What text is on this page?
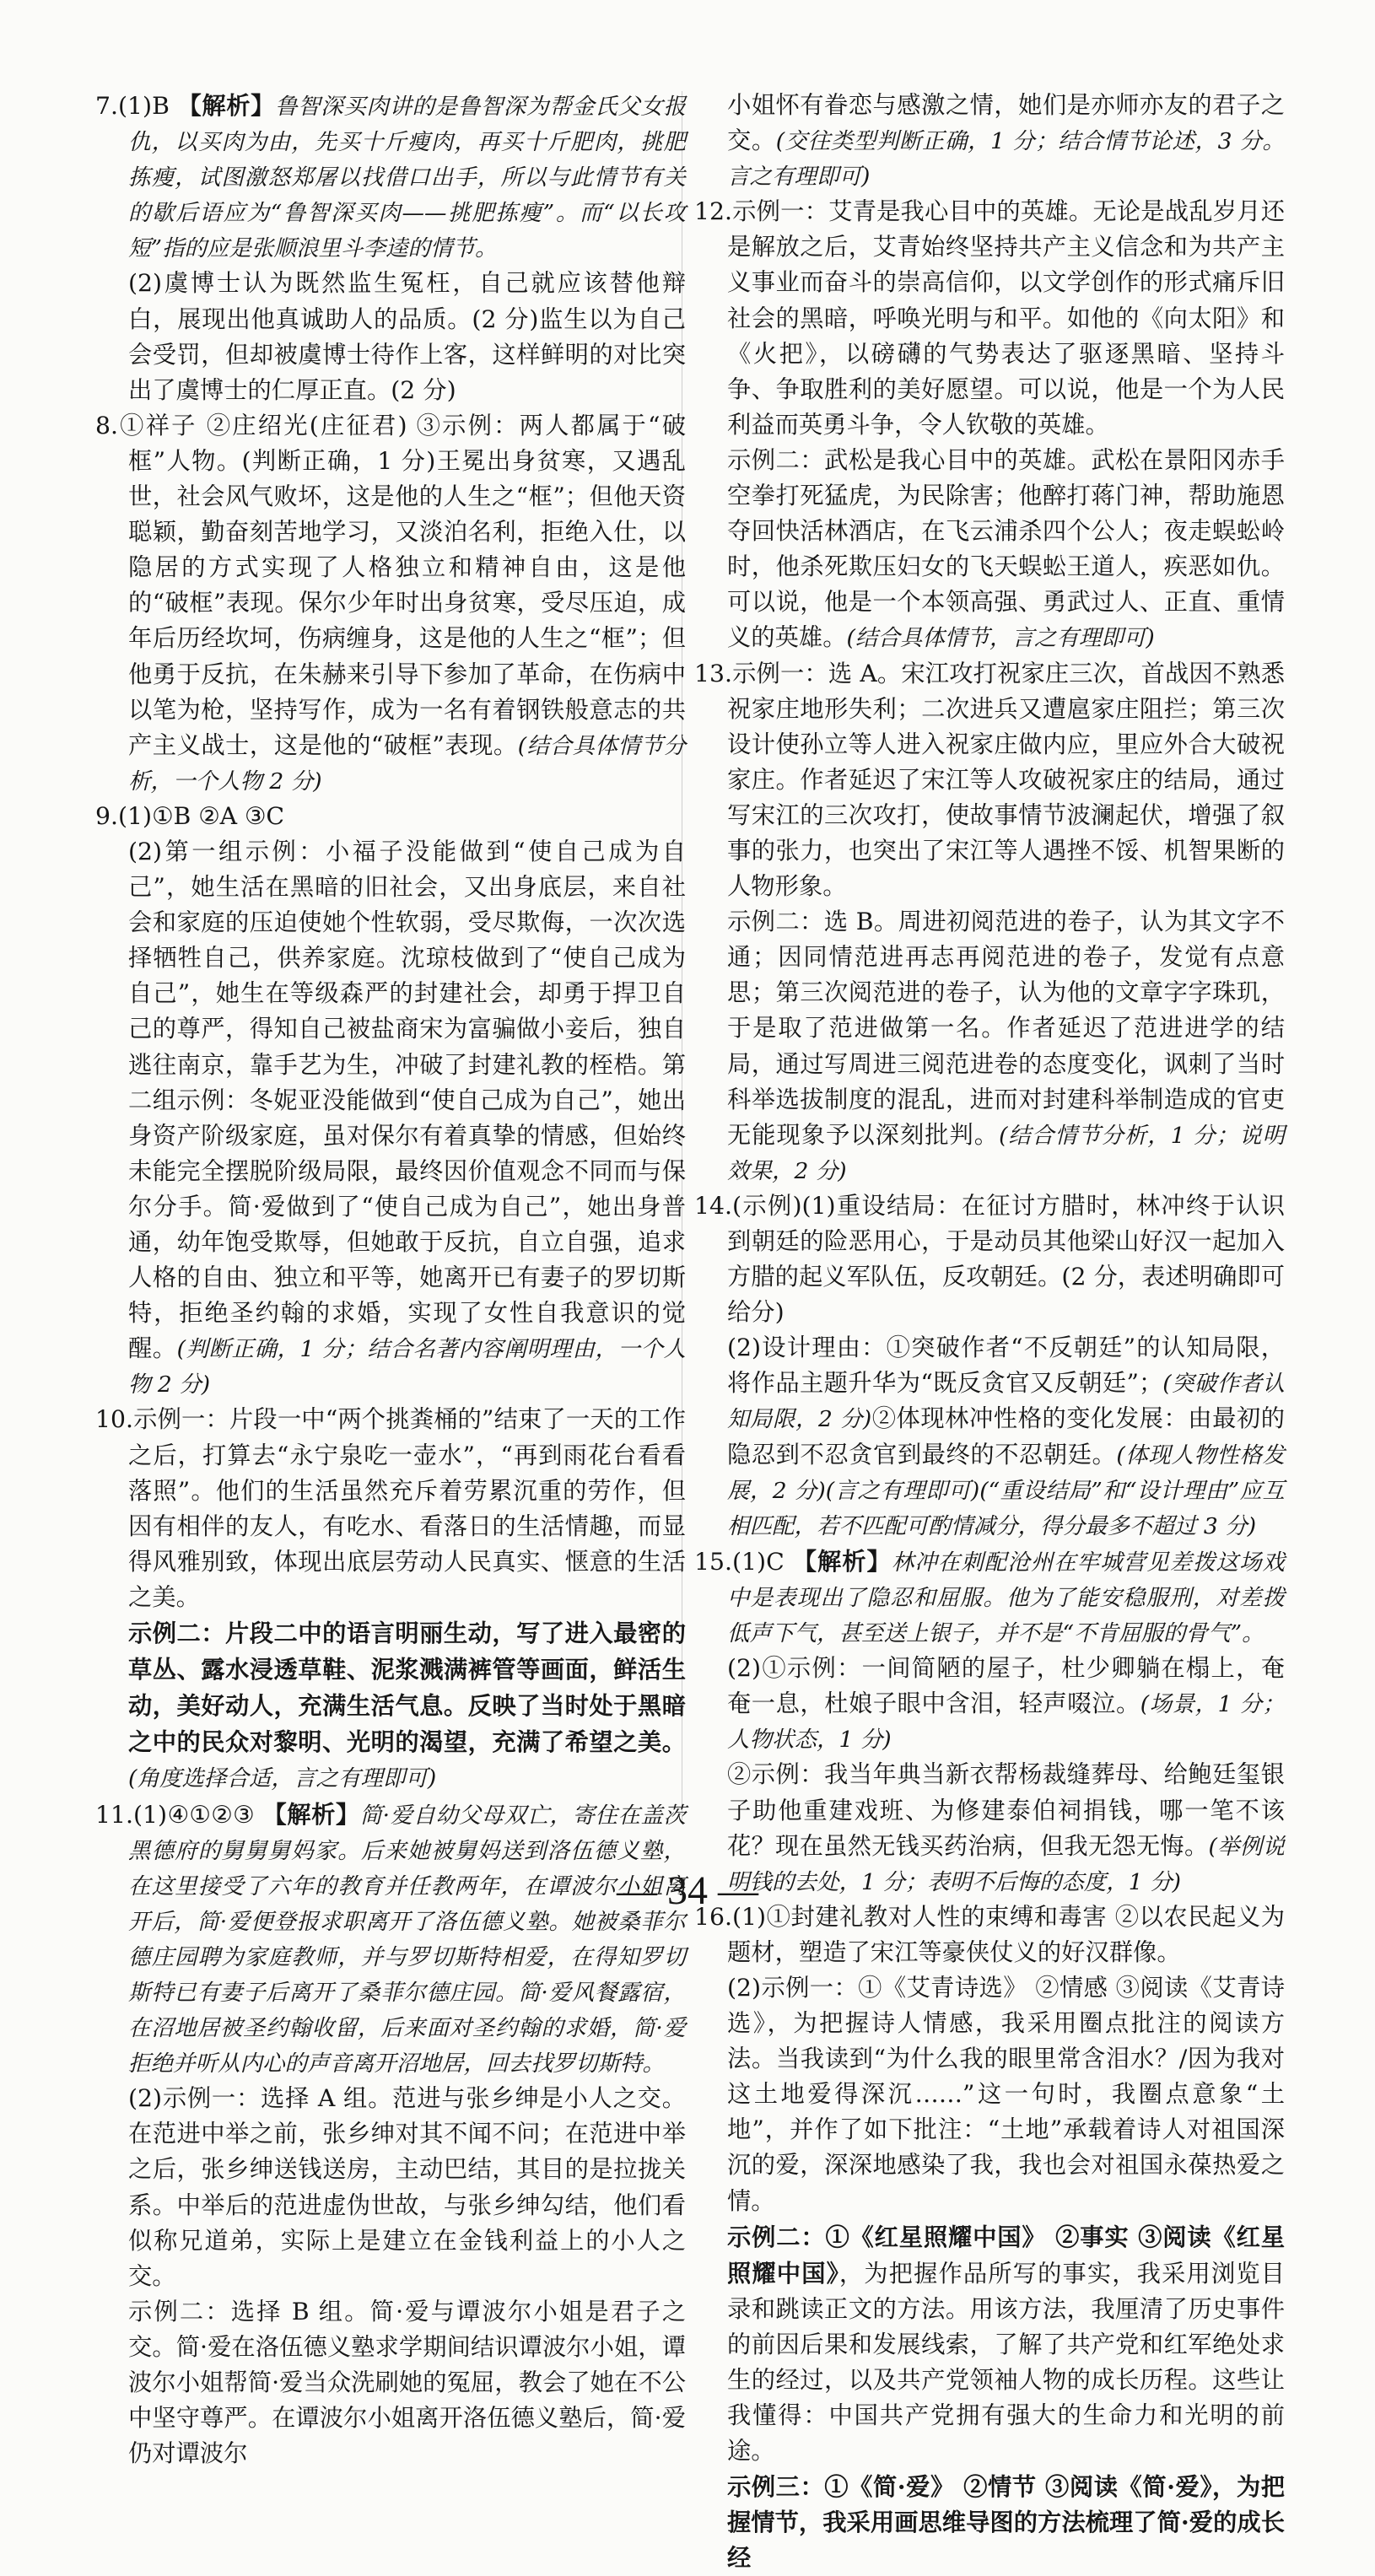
7.(1)B 【解析】鲁智深买肉讲的是鲁智深为帮金氏父女报仇，以买肉为由，先买十斤瘦肉，再买十斤肥肉，挑肥拣瘦，试图激怒郑屠以找借口出手，所以与此情节有关的歇后语应为“鲁智深买肉——挑肥拣瘦”。而“以长攻短”指的应是张顺浪里斗李逵的情节。

(2)虞博士认为既然监生冤枉，自己就应该替他辩白，展现出他真诚助人的品质。(2 分)监生以为自己会受罚，但却被虞博士待作上客，这样鲜明的对比突出了虞博士的仁厚正直。(2 分)

8.①祥子 ②庄绍光(庄征君) ③示例：两人都属于“破框”人物。(判断正确，1 分)王冕出身贫寒，又遇乱世，社会风气败坏，这是他的人生之“框”；但他天资聪颖，勤奋刻苦地学习，又淡泊名利，拒绝入仕，以隐居的方式实现了人格独立和精神自由，这是他的“破框”表现。保尔少年时出身贫寒，受尽压迫，成年后历经坎坷，伤病缠身，这是他的人生之“框”；但他勇于反抗，在朱赫来引导下参加了革命，在伤病中以笔为枪，坚持写作，成为一名有着钢铁般意志的共产主义战士，这是他的“破框”表现。(结合具体情节分析，一个人物 2 分)

9.(1)①B ②A ③C

(2)第一组示例：小福子没能做到“使自己成为自己”，她生活在黑暗的旧社会，又出身底层，来自社会和家庭的压迫使她个性软弱，受尽欺侮，一次次选择牺牲自己，供养家庭。沈琼枝做到了“使自己成为自己”，她生在等级森严的封建社会，却勇于捍卫自己的尊严，得知自己被盐商宋为富骗做小妾后，独自逃往南京，靠手艺为生，冲破了封建礼教的桎梏。第二组示例：冬妮亚没能做到“使自己成为自己”，她出身资产阶级家庭，虽对保尔有着真挚的情感，但始终未能完全摆脱阶级局限，最终因价值观念不同而与保尔分手。简·爱做到了“使自己成为自己”，她出身普通，幼年饱受欺辱，但她敢于反抗，自立自强，追求人格的自由、独立和平等，她离开已有妻子的罗切斯特，拒绝圣约翰的求婚，实现了女性自我意识的觉醒。(判断正确，1 分；结合名著内容阐明理由，一个人物 2 分)

10.示例一：片段一中“两个挑粪桶的”结束了一天的工作之后，打算去“永宁泉吃一壶水”，“再到雨花台看看落照”。他们的生活虽然充斥着劳累沉重的劳作，但因有相伴的友人，有吃水、看落日的生活情趣，而显得风雅别致，体现出底层劳动人民真实、惬意的生活之美。

示例二：片段二中的语言明丽生动，写了进入最密的草丛、露水浸透草鞋、泥浆溅满裤管等画面，鲜活生动，美好动人，充满生活气息。反映了当时处于黑暗之中的民众对黎明、光明的渴望，充满了希望之美。(角度选择合适，言之有理即可)

11.(1)④①②③ 【解析】简·爱自幼父母双亡，寄住在盖茨黑德府的舅舅舅妈家。后来她被舅妈送到洛伍德义塾，在这里接受了六年的教育并任教两年，在谭波尔小姐离开后，简·爱便登报求职离开了洛伍德义塾。她被桑菲尔德庄园聘为家庭教师，并与罗切斯特相爱，在得知罗切斯特已有妻子后离开了桑菲尔德庄园。简·爱风餐露宿，在沼地居被圣约翰收留，后来面对圣约翰的求婚，简·爱拒绝并听从内心的声音离开沼地居，回去找罗切斯特。

(2)示例一：选择 A 组。范进与张乡绅是小人之交。在范进中举之前，张乡绅对其不闻不问；在范进中举之后，张乡绅送钱送房，主动巴结，其目的是拉拢关系。中举后的范进虚伪世故，与张乡绅勾结，他们看似称兄道弟，实际上是建立在金钱利益上的小人之交。

示例二：选择 B 组。简·爱与谭波尔小姐是君子之交。简·爱在洛伍德义塾求学期间结识谭波尔小姐，谭波尔小姐帮简·爱当众洗刷她的冤屈，教会了她在不公中坚守尊严。在谭波尔小姐离开洛伍德义塾后，简·爱仍对谭波尔

小姐怀有眷恋与感激之情，她们是亦师亦友的君子之交。(交往类型判断正确，1 分；结合情节论述，3 分。言之有理即可)

12.示例一：艾青是我心目中的英雄。无论是战乱岁月还是解放之后，艾青始终坚持共产主义信念和为共产主义事业而奋斗的崇高信仰，以文学创作的形式痛斥旧社会的黑暗，呼唤光明与和平。如他的《向太阳》和《火把》，以磅礴的气势表达了驱逐黑暗、坚持斗争、争取胜利的美好愿望。可以说，他是一个为人民利益而英勇斗争，令人钦敬的英雄。

示例二：武松是我心目中的英雄。武松在景阳冈赤手空拳打死猛虎，为民除害；他醉打蒋门神，帮助施恩夺回快活林酒店，在飞云浦杀四个公人；夜走蜈蚣岭时，他杀死欺压妇女的飞天蜈蚣王道人，疾恶如仇。可以说，他是一个本领高强、勇武过人、正直、重情义的英雄。(结合具体情节，言之有理即可)

13.示例一：选 A。宋江攻打祝家庄三次，首战因不熟悉祝家庄地形失利；二次进兵又遭扈家庄阻拦；第三次设计使孙立等人进入祝家庄做内应，里应外合大破祝家庄。作者延迟了宋江等人攻破祝家庄的结局，通过写宋江的三次攻打，使故事情节波澜起伏，增强了叙事的张力，也突出了宋江等人遇挫不馁、机智果断的人物形象。

示例二：选 B。周进初阅范进的卷子，认为其文字不通；因同情范进再志再阅范进的卷子，发觉有点意思；第三次阅范进的卷子，认为他的文章字字珠玑，于是取了范进做第一名。作者延迟了范进进学的结局，通过写周进三阅范进卷的态度变化，讽刺了当时科举选拔制度的混乱，进而对封建科举制造成的官吏无能现象予以深刻批判。(结合情节分析，1 分；说明效果，2 分)

14.(示例)(1)重设结局：在征讨方腊时，林冲终于认识到朝廷的险恶用心，于是动员其他梁山好汉一起加入方腊的起义军队伍，反攻朝廷。(2 分，表述明确即可给分)

(2)设计理由：①突破作者“不反朝廷”的认知局限，将作品主题升华为“既反贪官又反朝廷”；(突破作者认知局限，2 分)②体现林冲性格的变化发展：由最初的隐忍到不忍贪官到最终的不忍朝廷。(体现人物性格发展，2 分)(言之有理即可)(“重设结局”和“设计理由”应互相匹配，若不匹配可酌情减分，得分最多不超过 3 分)

15.(1)C 【解析】林冲在刺配沧州在牢城营见差拨这场戏中是表现出了隐忍和屈服。他为了能安稳服刑，对差拨低声下气，甚至送上银子，并不是“不肯屈服的骨气”。

(2)①示例：一间简陋的屋子，杜少卿躺在榻上，奄奄一息，杜娘子眼中含泪，轻声啜泣。(场景，1 分；人物状态，1 分)

②示例：我当年典当新衣帮杨裁缝葬母、给鲍廷玺银子助他重建戏班、为修建泰伯祠捐钱，哪一笔不该花？现在虽然无钱买药治病，但我无怨无悔。(举例说明钱的去处，1 分；表明不后悔的态度，1 分)

16.(1)①封建礼教对人性的束缚和毒害 ②以农民起义为题材，塑造了宋江等豪侠仗义的好汉群像。

(2)示例一：①《艾青诗选》 ②情感 ③阅读《艾青诗选》，为把握诗人情感，我采用圈点批注的阅读方法。当我读到“为什么我的眼里常含泪水？/因为我对这土地爱得深沉……”这一句时，我圈点意象“土地”，并作了如下批注：“土地”承载着诗人对祖国深沉的爱，深深地感染了我，我也会对祖国永葆热爱之情。

示例二：①《红星照耀中国》 ②事实 ③阅读《红星照耀中国》，为把握作品所写的事实，我采用浏览目录和跳读正文的方法。用该方法，我厘清了历史事件的前因后果和发展线索，了解了共产党和红军绝处求生的经过，以及共产党领袖人物的成长历程。这些让我懂得：中国共产党拥有强大的生命力和光明的前途。

示例三：①《简·爱》 ②情节 ③阅读《简·爱》，为把握情节，我采用画思维导图的方法梳理了简·爱的成长经

— 34 —
